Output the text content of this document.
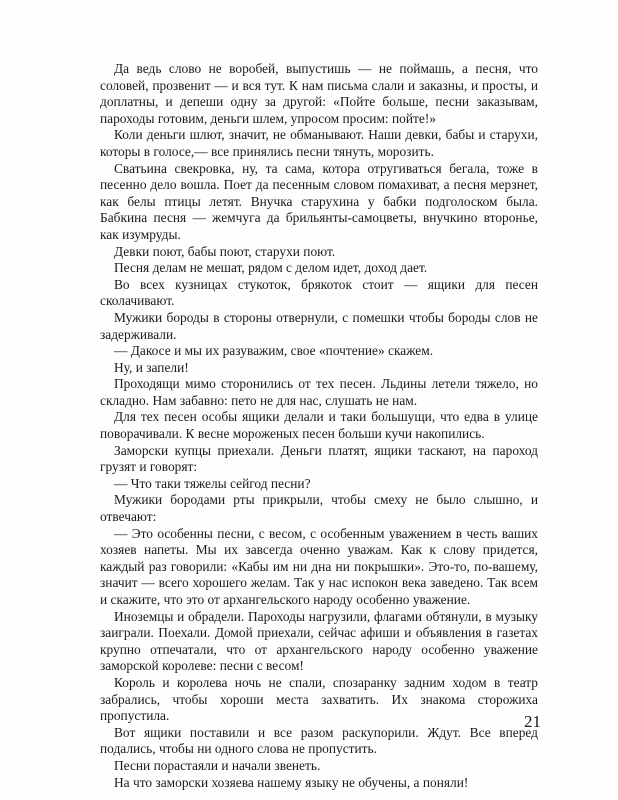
Да ведь слово не воробей, выпустишь — не поймашь, а песня, что соловей, прозвенит — и вся тут. К нам письма слали и заказны, и просты, и доплатны, и депеши одну за другой: «Пойте больше, песни заказывам, пароходы готовим, деньги шлем, упросом просим: пойте!»

Коли деньги шлют, значит, не обманывают. Наши девки, бабы и старухи, которы в голосе,— все принялись песни тянуть, морозить.

Сватьина свекровка, ну, та сама, котора отругиваться бегала, тоже в песенно дело вошла. Поет да песенным словом помахиват, а песня мерзнет, как белы птицы летят. Внучка старухина у бабки подголоском была. Бабкина песня — жемчуга да брильянты-самоцветы, внучкино второнье, как изумруды.

Девки поют, бабы поют, старухи поют.

Песня делам не мешат, рядом с делом идет, доход дает.

Во всех кузницах стукоток, брякоток стоит — ящики для песен сколачивают.

Мужики бороды в стороны отвернули, с помешки чтобы бороды слов не задерживали.

— Дакосе и мы их разуважим, свое «почтение» скажем.

Ну, и запели!

Проходящи мимо сторонились от тех песен. Льдины летели тяжело, но складно. Нам забавно: пето не для нас, слушать не нам.

Для тех песен особы ящики делали и таки большущи, что едва в улице поворачивали. К весне мороженых песен больши кучи накопились.

Заморски купцы приехали. Деньги платят, ящики таскают, на пароход грузят и говорят:

— Что таки тяжелы сейгод песни?

Мужики бородами рты прикрыли, чтобы смеху не было слышно, и отвечают:

— Это особенны песни, с весом, с особенным уважением в честь ваших хозяев напеты. Мы их завсегда оченно уважам. Как к слову придется, каждый раз говорили: «Кабы им ни дна ни покрышки». Это-то, по-вашему, значит — всего хорошего желам. Так у нас испокон века заведено. Так всем и скажите, что это от архангельского народу особенно уважение.

Иноземцы и обрадели. Пароходы нагрузили, флагами обтянули, в музыку заиграли. Поехали. Домой приехали, сейчас афиши и объявления в газетах крупно отпечатали, что от архангельского народу особенно уважение заморской королеве: песни с весом!

Король и королева ночь не спали, спозаранку задним ходом в театр забрались, чтобы хороши места захватить. Их знакома сторожиха пропустила.

Вот ящики поставили и все разом раскупорили. Ждут. Все вперед подались, чтобы ни одного слова не пропустить.

Песни порастаяли и начали звенеть.

На что заморски хозяева нашему языку не обучены, а поняли!

21
